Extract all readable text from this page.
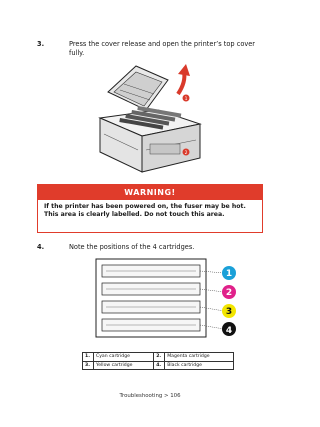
3.	Press the cover release and open the printer’s top cover fully.
1
2
WARNING!
If the printer has been powered on, the fuser may be hot. This area is clearly labelled. Do not touch this area.
4.	Note the positions of the 4 cartridges.
1
2
3
4
1.	Cyan cartridge	2.	Magenta cartridge
3.	Yellow cartridge	4.	Black cartridge
Troubleshooting > 106
